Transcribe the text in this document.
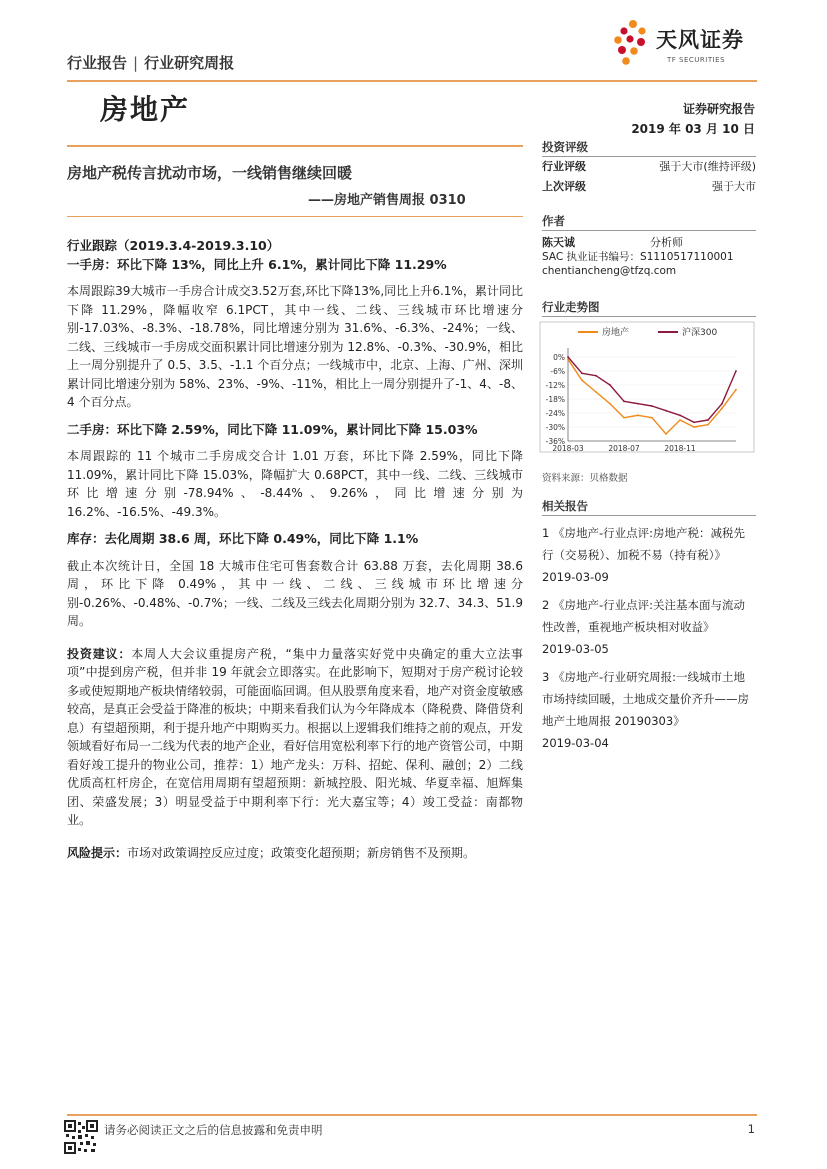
行业报告 | 行业研究周报
天风证券
TF SECURITIES
房地产	证券研究报告
2019 年 03 月 10 日
房地产税传言扰动市场，一线销售继续回暖
——房地产销售周报 0310

行业跟踪（2019.3.4-2019.3.10）

一手房：环比下降 13%，同比上升 6.1%，累计同比下降 11.29%

本周跟踪39大城市一手房合计成交3.52万套,环比下降13%,同比上升6.1%，累计同比下降 11.29%，降幅收窄 6.1PCT，其中一线、二线、三线城市环比增速分别-17.03%、-8.3%、-18.78%，同比增速分别为 31.6%、-6.3%、-24%；一线、二线、三线城市一手房成交面积累计同比增速分别为 12.8%、-0.3%、-30.9%，相比上一周分别提升了 0.5、3.5、-1.1 个百分点；一线城市中，北京、上海、广州、深圳累计同比增速分别为 58%、23%、-9%、-11%，相比上一周分别提升了-1、4、-8、4 个百分点。

二手房：环比下降 2.59%，同比下降 11.09%，累计同比下降 15.03%

本周跟踪的 11 个城市二手房成交合计 1.01 万套，环比下降 2.59%，同比下降 11.09%，累计同比下降 15.03%，降幅扩大 0.68PCT，其中一线、二线、三线城市环比增速分别-78.94%、-8.44%、9.26%，同比增速分别为 16.2%、-16.5%、-49.3%。

库存：去化周期 38.6 周，环比下降 0.49%，同比下降 1.1%

截止本次统计日，全国 18 大城市住宅可售套数合计 63.88 万套，去化周期 38.6 周，环比下降 0.49%，其中一线、二线、三线城市环比增速分别-0.26%、-0.48%、-0.7%；一线、二线及三线去化周期分别为 32.7、34.3、51.9 周。

投资建议：本周人大会议重提房产税，“集中力量落实好党中央确定的重大立法事项”中提到房产税，但并非 19 年就会立即落实。在此影响下，短期对于房产税讨论较多或使短期地产板块情绪较弱，可能面临回调。但从股票角度来看，地产对资金度敏感较高，是真正会受益于降准的板块；中期来看我们认为今年降成本（降税费、降借贷利息）有望超预期，利于提升地产中期购买力。根据以上逻辑我们维持之前的观点，开发领域看好布局一二线为代表的地产企业，看好信用宽松利率下行的地产资管公司，中期看好竣工提升的物业公司，推荐：1）地产龙头：万科、招蛇、保利、融创；2）二线优质高杠杆房企，在宽信用周期有望超预期：新城控股、阳光城、华夏幸福、旭辉集团、荣盛发展；3）明显受益于中期利率下行：光大嘉宝等；4）竣工受益：南都物业。

风险提示：市场对政策调控反应过度；政策变化超预期；新房销售不及预期。

投资评级
行业评级	强于大市(维持评级)
上次评级	强于大市
作者
陈天诚	分析师
SAC 执业证书编号：S1110517110001
chentiancheng@tfzq.com
行业走势图
房地产	沪深300
0%
-6%
-12%
-18%
-24%
-30%
-36%
2018-03	2018-07	2018-11
资料来源：贝格数据
相关报告
1 《房地产-行业点评:房地产税：减税先行（交易税）、加税不易（持有税）》
2019-03-09
2 《房地产-行业点评:关注基本面与流动性改善，重视地产板块相对收益》
2019-03-05
3 《房地产-行业研究周报:一线城市土地市场持续回暖，土地成交量价齐升——房地产土地周报 20190303》
2019-03-04
请务必阅读正文之后的信息披露和免责申明	1
